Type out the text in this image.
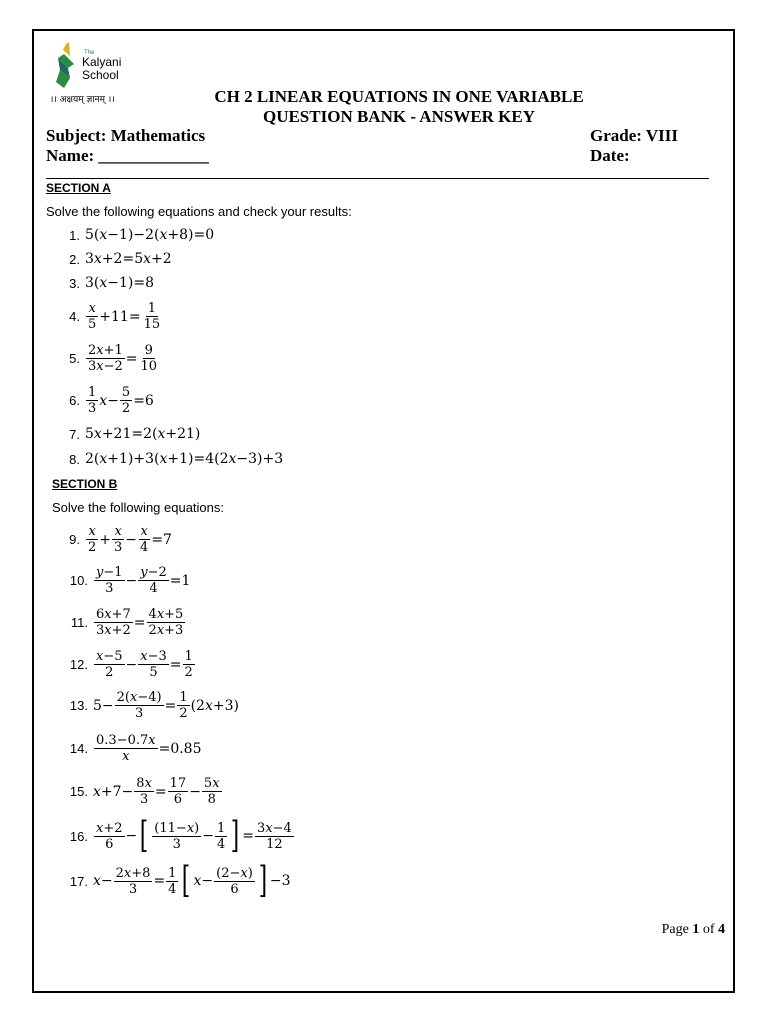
The
Kalyani
School
।। अक्षयम् ज्ञानम् ।।	CH 2 LINEAR EQUATIONS IN ONE VARIABLE
QUESTION BANK - ANSWER KEY
Subject: Mathematics
Name: _____________
Grade: VIII
Date:
SECTION A
Solve the following equations and check your results:
1. 5(x−1)−2(x+8)=0
2. 3x+2=5x+2
3. 3(x−1)=8
4. $\frac{x}{5} +11= \frac{1}{15}$
5. $\frac{2x+1}{3x-2} = \frac{9}{10}$
6. $\frac{1}{3}$ $x - \frac{5}{2} =6$
7. 5x+21=2(x+21)
8. 2(x+1)+3(x+1)=4(2x−3)+3
SECTION B
Solve the following equations:
9. $\frac{x}{2} + \frac{x}{3} - \frac{x}{4} =7$
10. $\frac{y-1}{3} - \frac{y-2}{4} =1$
11. $\frac{6x+7}{3x+2} = \frac{4x+5}{2x+3}$
12. $\frac{x-5}{2} - \frac{x-3}{5} = \frac{1}{2}$
13. $5- \frac{2(x-4)}{3} = \frac{1}{2} (2x+3)$
14. $\frac{0.3-0.7x}{x} =0.85$
15. $x+7- \frac{8x}{3} = \frac{17}{6} - \frac{5x}{8}$
16. $\frac{x+2}{6}$ − [ $\frac{(11-x)}{3} - \frac{1}{4}$ ] = $\frac{3x-4}{12}$
17. $x- \frac{2x+8}{3} = \frac{1}{4}$ [ $x - \frac{(2-x)}{6}$ ] −3
Page 1 of 4
